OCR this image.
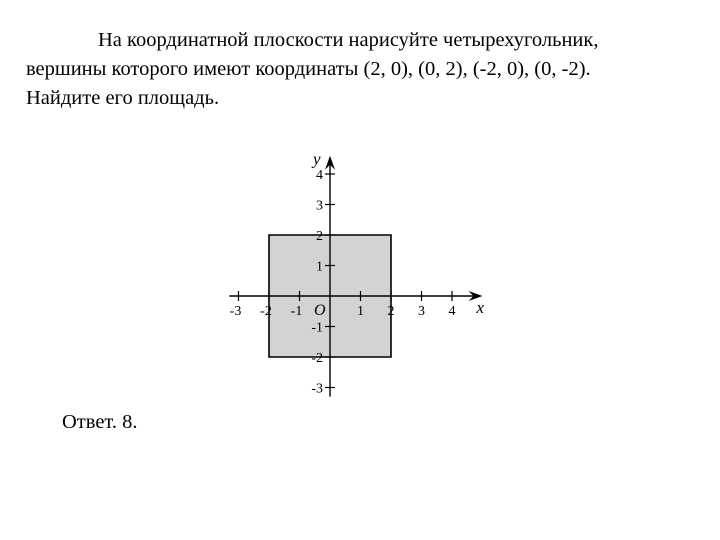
На координатной плоскости нарисуйте четырехугольник,
вершины которого имеют координаты (2, 0), (0, 2), (-2, 0), (0, -2).
Найдите его площадь.
-3 -2 -1	1 2 3 4
-3
-2
-1
1
2
3
4
O	x
y
Ответ. 8.
